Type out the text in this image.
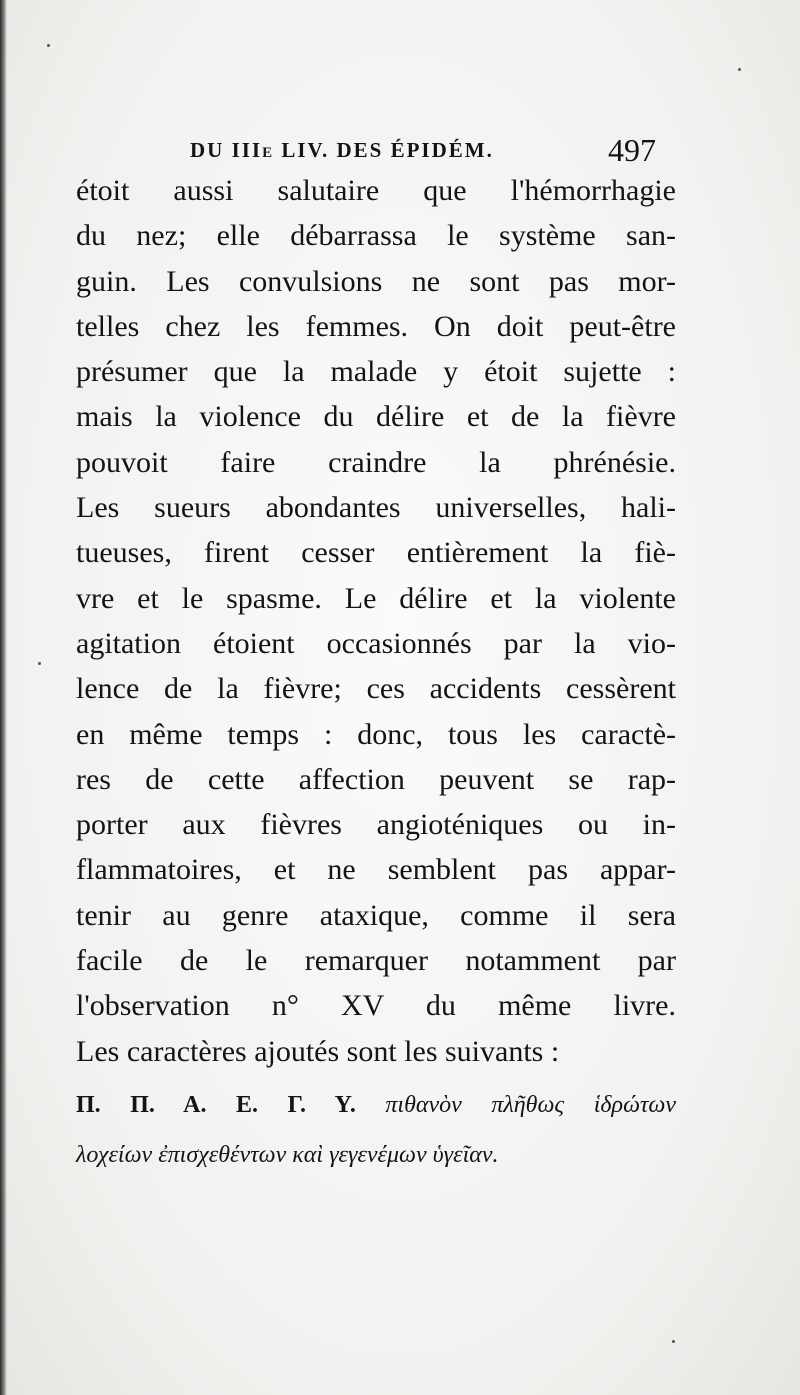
DU IIIe LIV. DES ÉPIDÉM.	497
étoit aussi salutaire que l'hémorrhagie
du nez; elle débarrassa le système san-
guin. Les convulsions ne sont pas mor-
telles chez les femmes. On doit peut-être
présumer que la malade y étoit sujette :
mais la violence du délire et de la fièvre
pouvoit faire craindre la phrénésie.
Les sueurs abondantes universelles, hali-
tueuses, firent cesser entièrement la fiè-
vre et le spasme. Le délire et la violente
agitation étoient occasionnés par la vio-
lence de la fièvre; ces accidents cessèrent
en même temps : donc, tous les caractè-
res de cette affection peuvent se rap-
porter aux fièvres angioténiques ou in-
flammatoires, et ne semblent pas appar-
tenir au genre ataxique, comme il sera
facile de le remarquer notamment par
l'observation n° XV du même livre.
Les caractères ajoutés sont les suivants :
Π. Π. Α. Ε. Γ. Υ. πιθανὸν πλῆθως ἱδρώτων
λοχείων ἐπισχεθέντων καὶ γεγενέμων ὑγεῖαν.
